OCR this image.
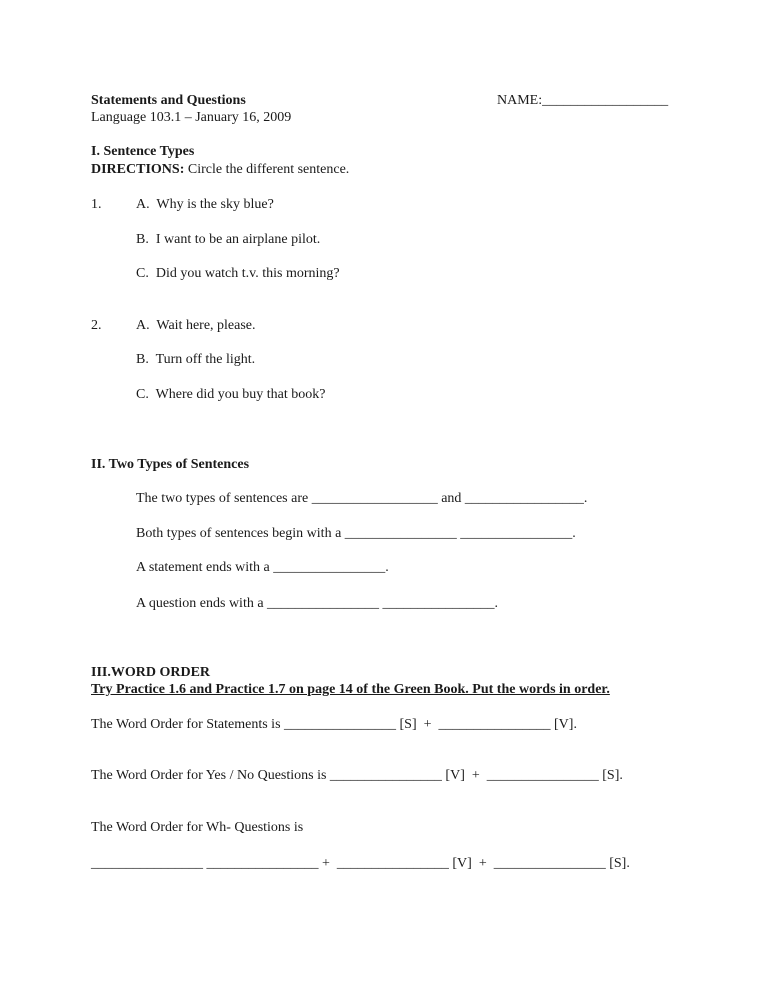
Statements and Questions	NAME:__________________
Language 103.1 – January 16, 2009
I. Sentence Types
DIRECTIONS: Circle the different sentence.
1. A.  Why is the sky blue?
B.  I want to be an airplane pilot.
C.  Did you watch t.v. this morning?
2. A.  Wait here, please.
B.  Turn off the light.
C.  Where did you buy that book?
II. Two Types of Sentences
The two types of sentences are __________________ and _________________.
Both types of sentences begin with a ________________ ________________.
A statement ends with a ________________.
A question ends with a ________________ ________________.
III.WORD ORDER
Try Practice 1.6 and Practice 1.7 on page 14 of the Green Book. Put the words in order.
The Word Order for Statements is ________________ [S]  +  ________________ [V].
The Word Order for Yes / No Questions is ________________ [V]  +  ________________ [S].
The Word Order for Wh- Questions is
________________ ________________ +  ________________ [V]  +  ________________ [S].
